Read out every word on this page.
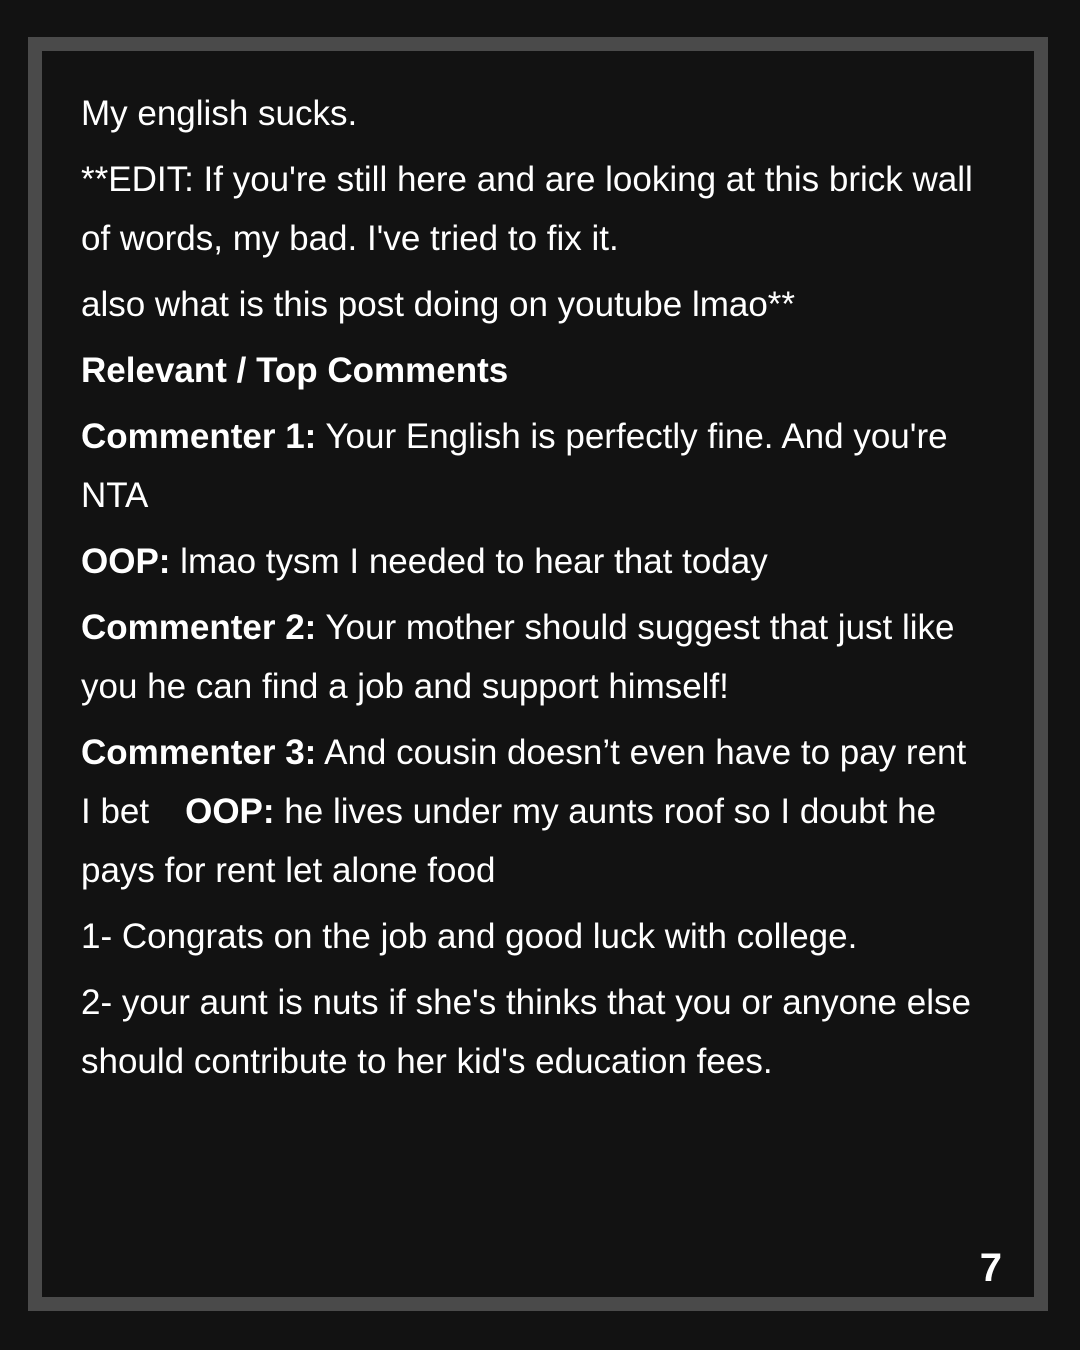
My english sucks.

**EDIT: If you're still here and are looking at this brick wall of words, my bad. I've tried to fix it.

also what is this post doing on youtube lmao**

Relevant / Top Comments

Commenter 1: Your English is perfectly fine. And you're NTA

OOP: lmao tysm I needed to hear that today

Commenter 2: Your mother should suggest that just like you he can find a job and support himself!

Commenter 3: And cousin doesn’t even have to pay rent I bet OOP: he lives under my aunts roof so I doubt he pays for rent let alone food

1- Congrats on the job and good luck with college.

2- your aunt is nuts if she's thinks that you or anyone else should contribute to her kid's education fees.

7
